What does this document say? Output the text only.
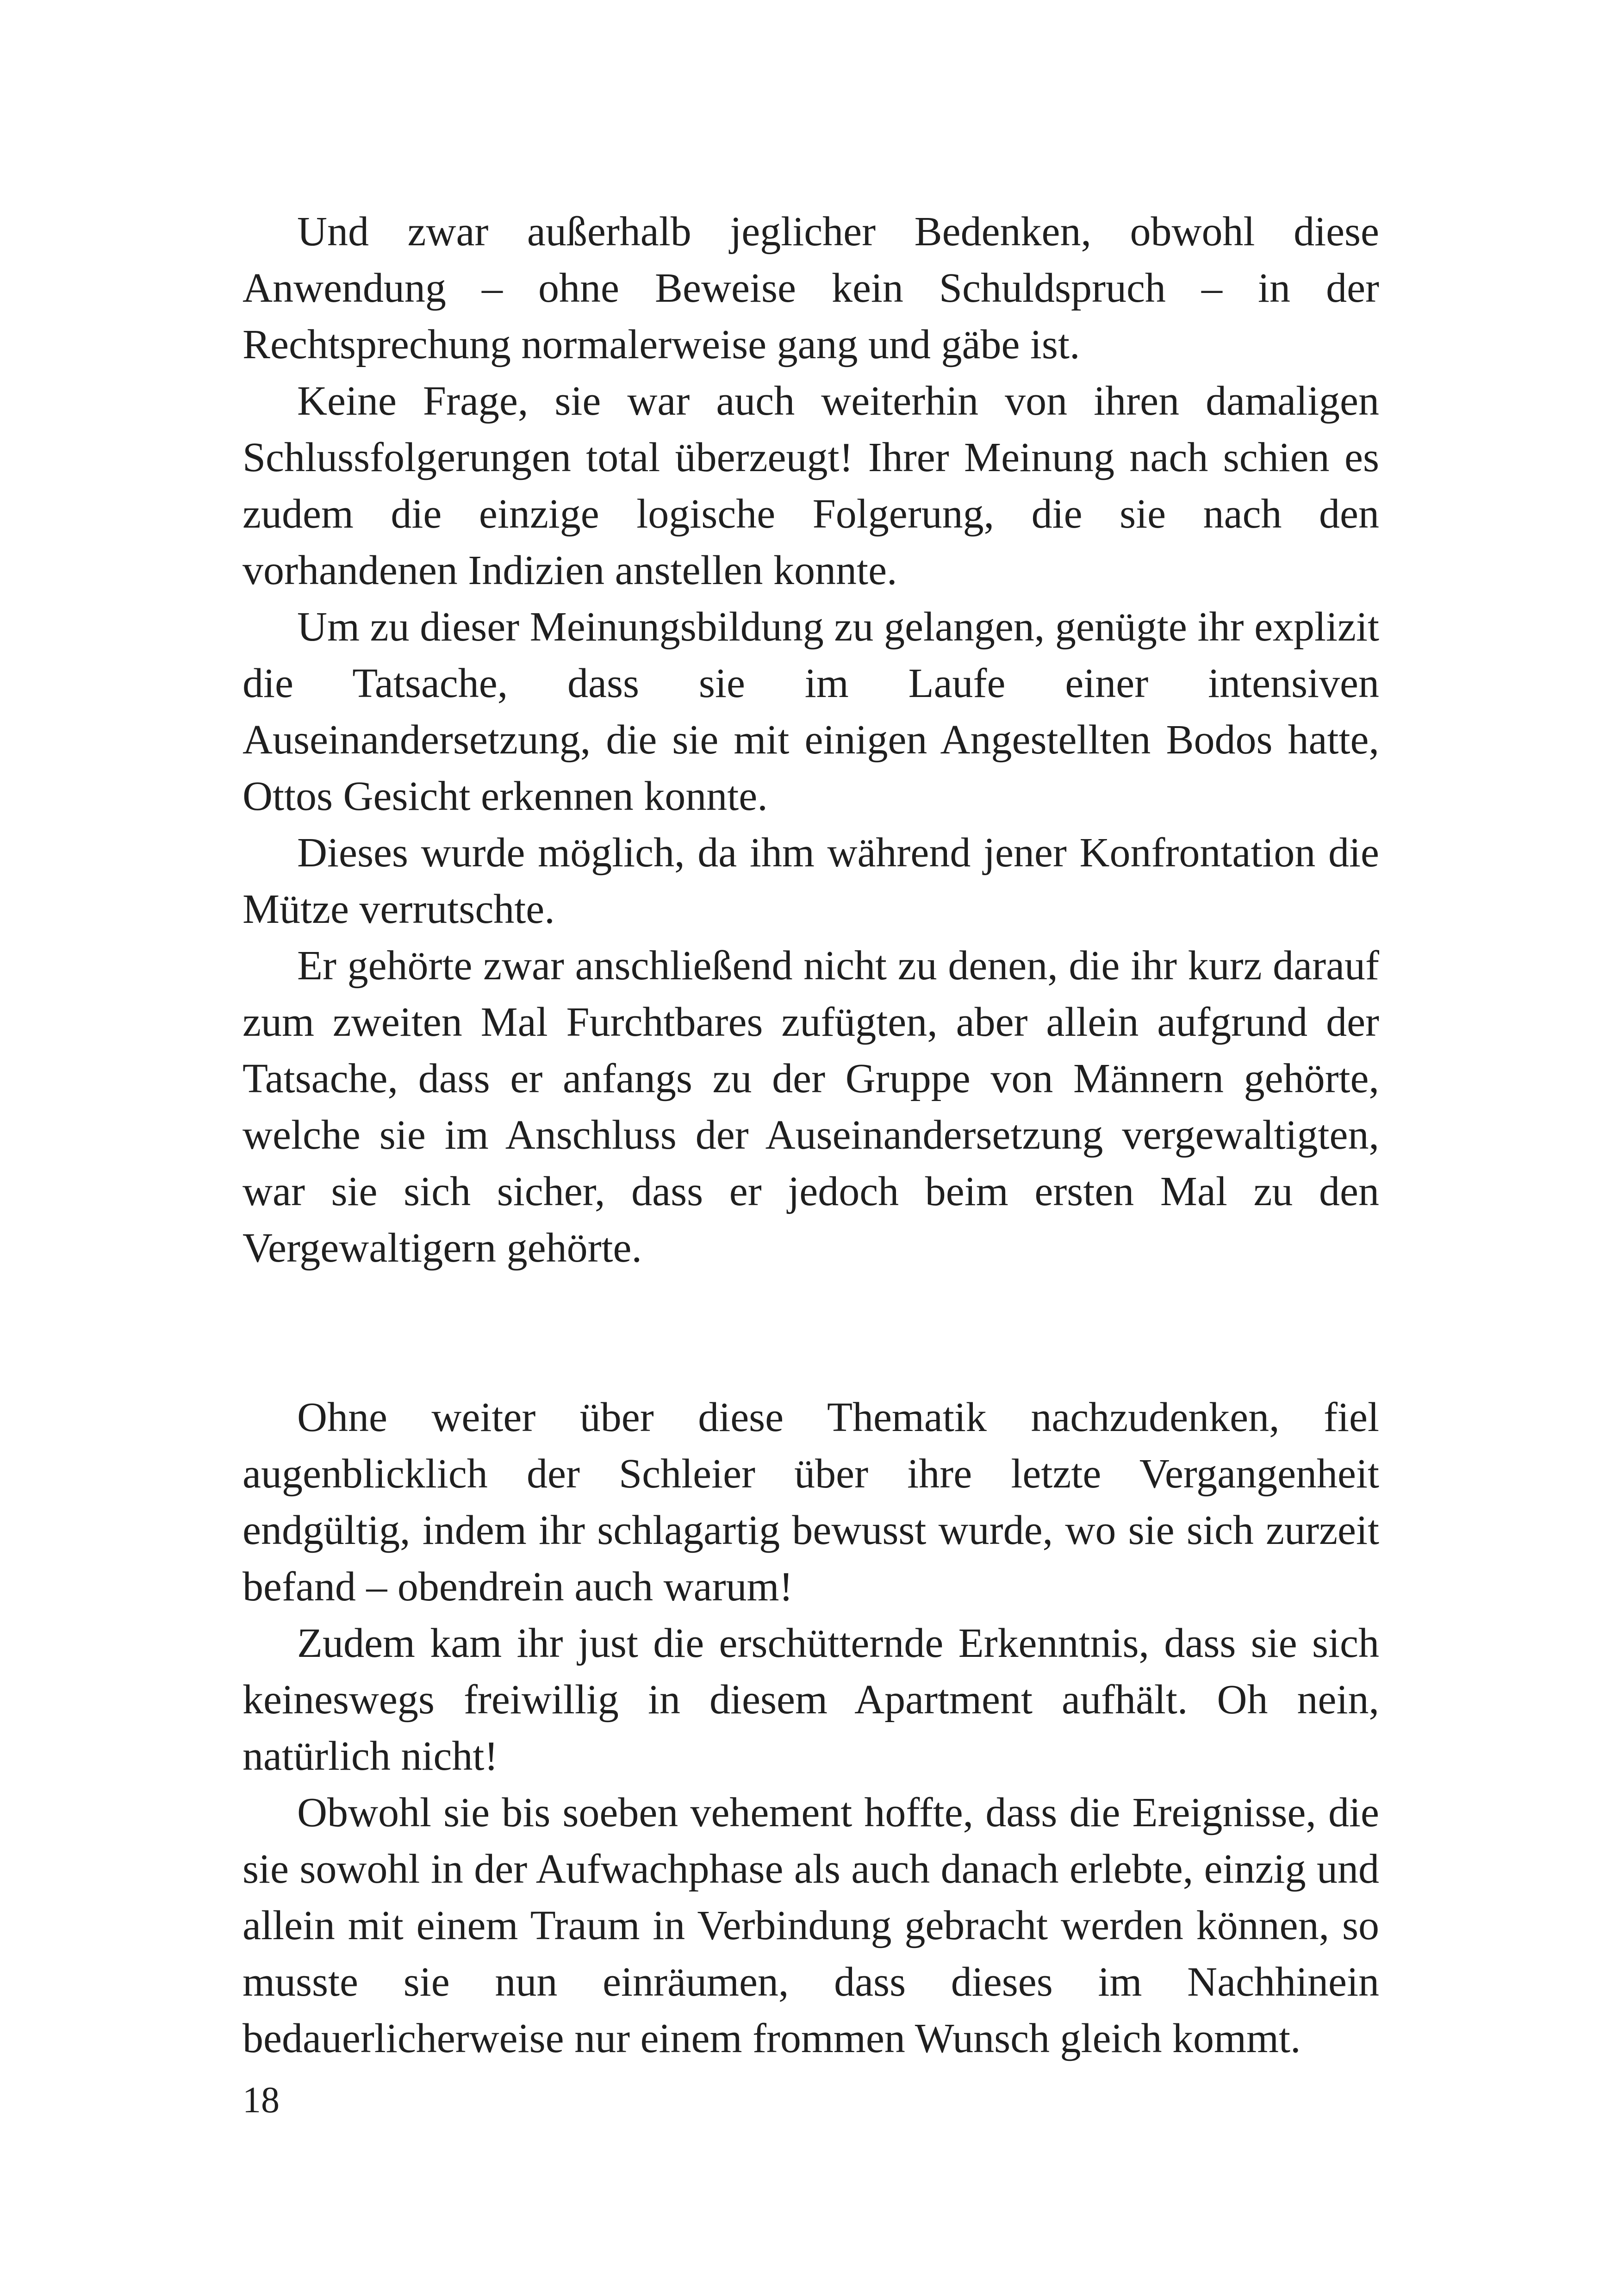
Und zwar außerhalb jeglicher Bedenken, obwohl diese Anwendung – ohne Beweise kein Schuldspruch – in der Rechtsprechung normalerweise gang und gäbe ist.

Keine Frage, sie war auch weiterhin von ihren damaligen Schlussfolgerungen total überzeugt! Ihrer Meinung nach schien es zudem die einzige logische Folgerung, die sie nach den vorhandenen Indizien anstellen konnte.

Um zu dieser Meinungsbildung zu gelangen, genügte ihr explizit die Tatsache, dass sie im Laufe einer intensiven Auseinandersetzung, die sie mit einigen Angestellten Bodos hatte, Ottos Gesicht erkennen konnte.

Dieses wurde möglich, da ihm während jener Konfrontation die Mütze verrutschte.

Er gehörte zwar anschließend nicht zu denen, die ihr kurz darauf zum zweiten Mal Furchtbares zufügten, aber allein aufgrund der Tatsache, dass er anfangs zu der Gruppe von Männern gehörte, welche sie im Anschluss der Auseinandersetzung vergewaltigten, war sie sich sicher, dass er jedoch beim ersten Mal zu den Vergewaltigern gehörte.

Ohne weiter über diese Thematik nachzudenken, fiel augenblicklich der Schleier über ihre letzte Vergangenheit endgültig, indem ihr schlagartig bewusst wurde, wo sie sich zurzeit befand – obendrein auch warum!

Zudem kam ihr just die erschütternde Erkenntnis, dass sie sich keineswegs freiwillig in diesem Apartment aufhält. Oh nein, natürlich nicht!

Obwohl sie bis soeben vehement hoffte, dass die Ereignisse, die sie sowohl in der Aufwachphase als auch danach erlebte, einzig und allein mit einem Traum in Verbindung gebracht werden können, so musste sie nun einräumen, dass dieses im Nachhinein bedauerlicherweise nur einem frommen Wunsch gleich kommt.

18
